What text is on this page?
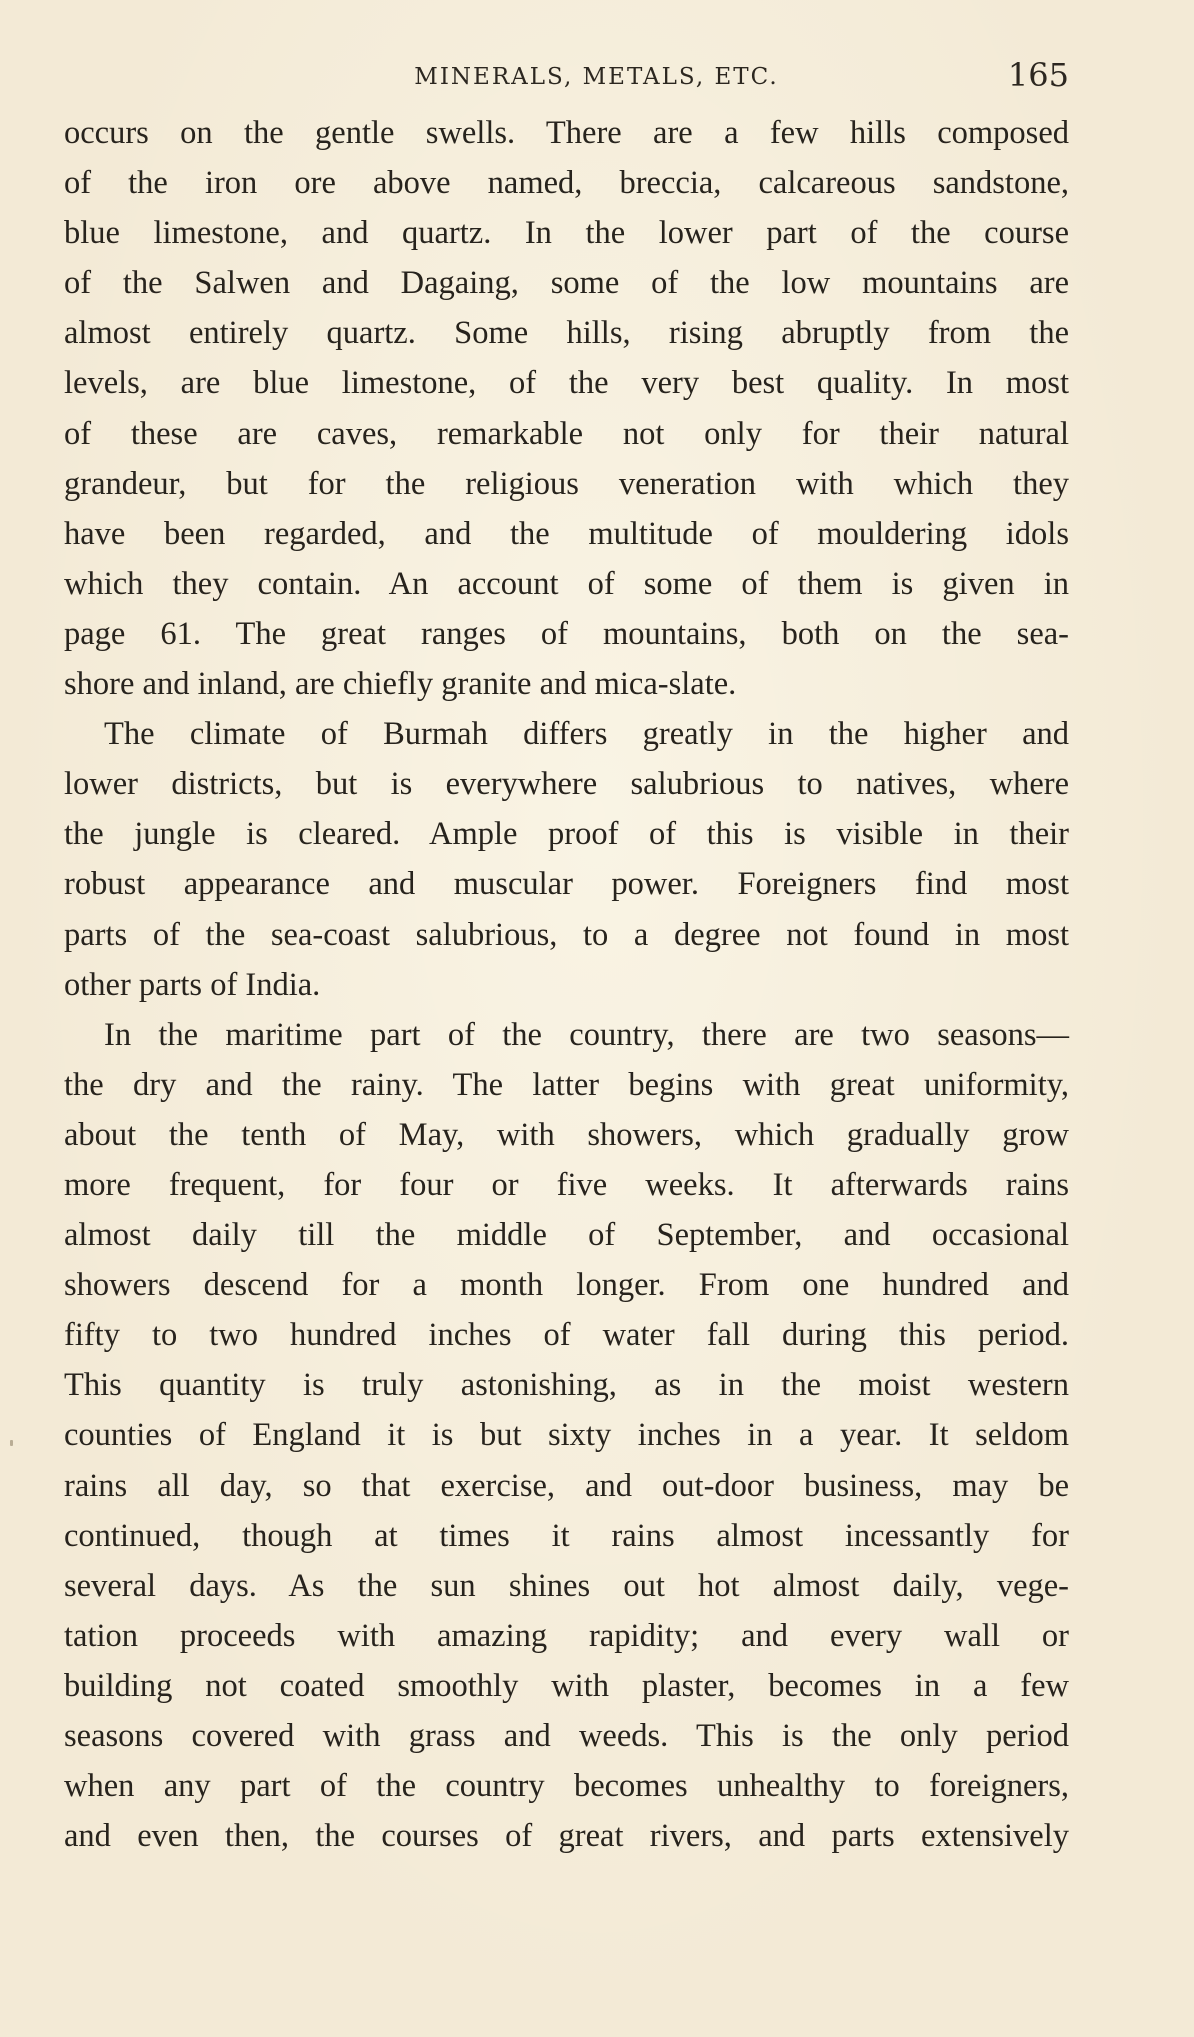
MINERALS, METALS, ETC.	165
occurs on the gentle swells. There are a few hills composed
of the iron ore above named, breccia, calcareous sandstone,
blue limestone, and quartz. In the lower part of the course
of the Salwen and Dagaing, some of the low mountains are
almost entirely quartz. Some hills, rising abruptly from the
levels, are blue limestone, of the very best quality. In most
of these are caves, remarkable not only for their natural
grandeur, but for the religious veneration with which they
have been regarded, and the multitude of mouldering idols
which they contain. An account of some of them is given in
page 61. The great ranges of mountains, both on the sea-
shore and inland, are chiefly granite and mica-slate.
The climate of Burmah differs greatly in the higher and
lower districts, but is everywhere salubrious to natives, where
the jungle is cleared. Ample proof of this is visible in their
robust appearance and muscular power. Foreigners find most
parts of the sea-coast salubrious, to a degree not found in most
other parts of India.
In the maritime part of the country, there are two seasons—
the dry and the rainy. The latter begins with great uniformity,
about the tenth of May, with showers, which gradually grow
more frequent, for four or five weeks. It afterwards rains
almost daily till the middle of September, and occasional
showers descend for a month longer. From one hundred and
fifty to two hundred inches of water fall during this period.
This quantity is truly astonishing, as in the moist western
counties of England it is but sixty inches in a year. It seldom
rains all day, so that exercise, and out-door business, may be
continued, though at times it rains almost incessantly for
several days. As the sun shines out hot almost daily, vege-
tation proceeds with amazing rapidity; and every wall or
building not coated smoothly with plaster, becomes in a few
seasons covered with grass and weeds. This is the only period
when any part of the country becomes unhealthy to foreigners,
and even then, the courses of great rivers, and parts extensively
